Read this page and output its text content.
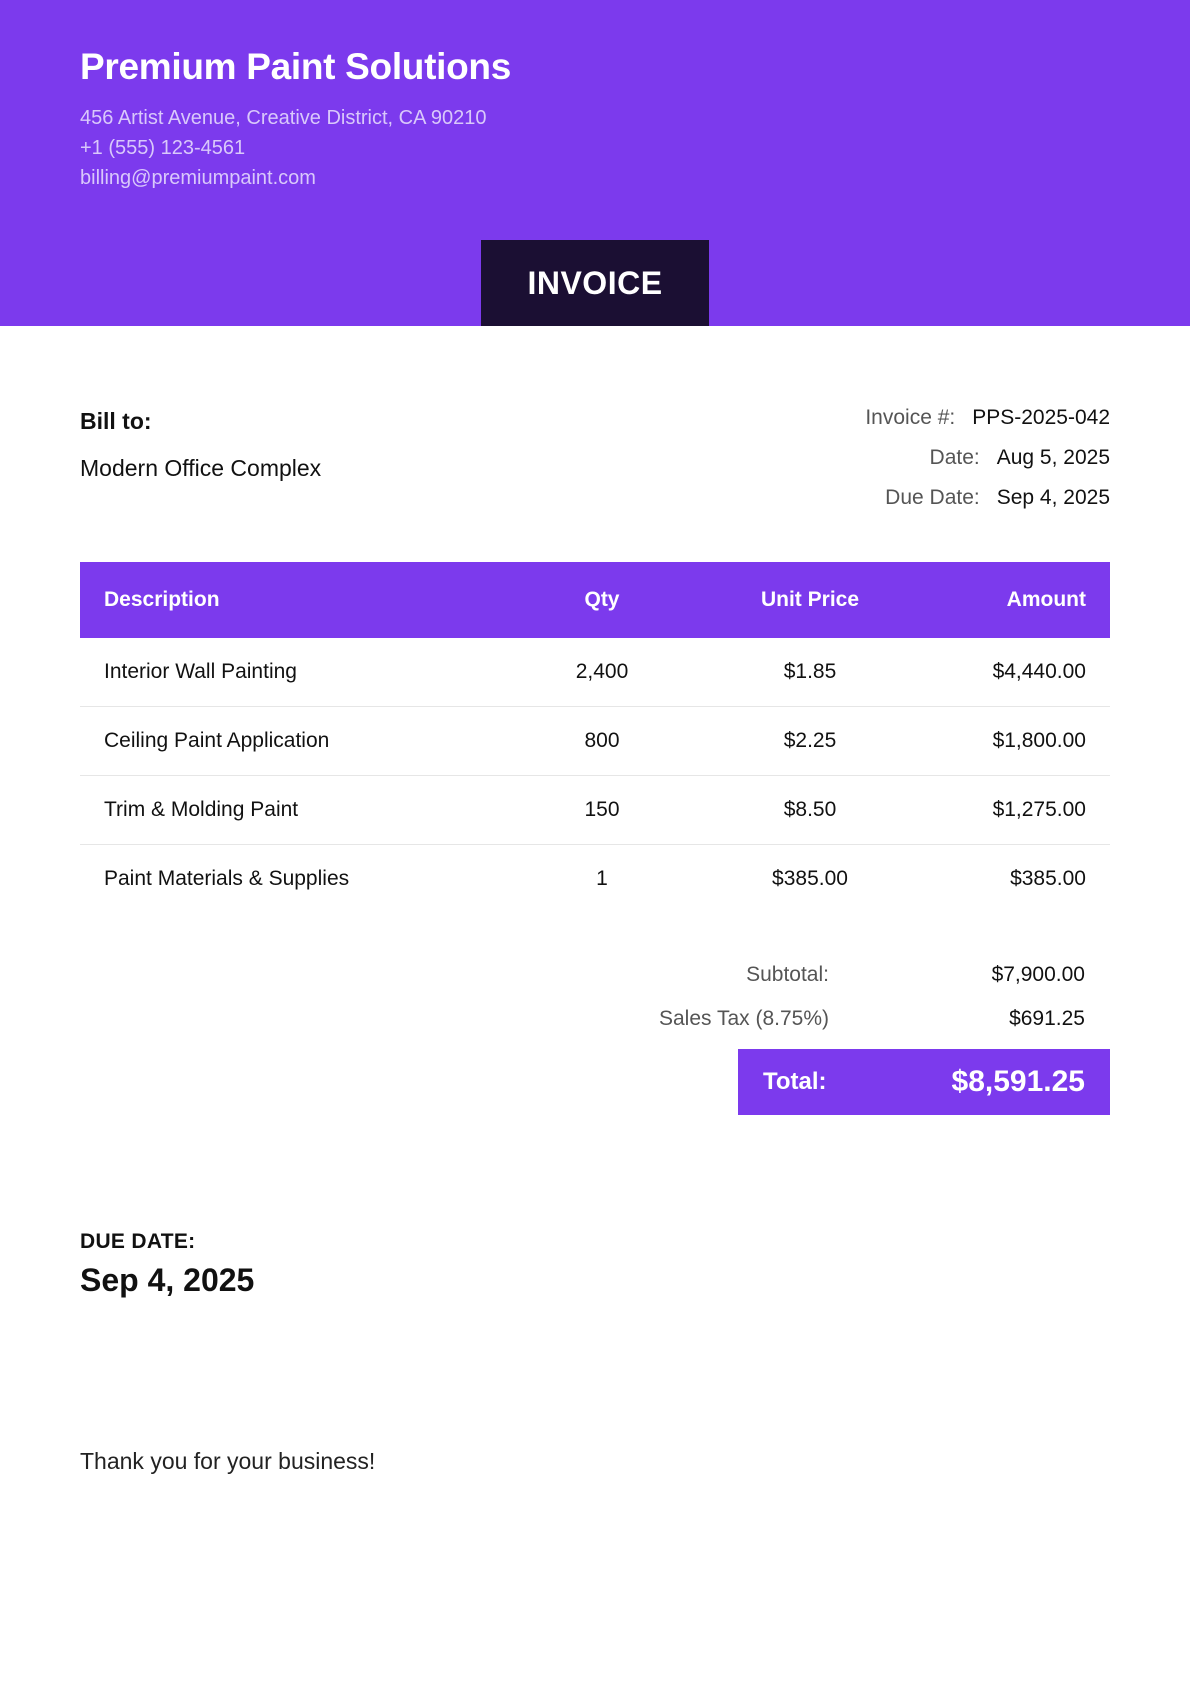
Premium Paint Solutions
456 Artist Avenue, Creative District, CA 90210
+1 (555) 123-4561
billing@premiumpaint.com
INVOICE
Bill to:
Modern Office Complex
Invoice #: PPS-2025-042
Date: Aug 5, 2025
Due Date: Sep 4, 2025
Description	Qty	Unit Price	Amount
Interior Wall Painting	2,400	$1.85	$4,440.00
Ceiling Paint Application	800	$2.25	$1,800.00
Trim & Molding Paint	150	$8.50	$1,275.00
Paint Materials & Supplies	1	$385.00	$385.00
Subtotal:	$7,900.00
Sales Tax (8.75%)	$691.25
Total:	$8,591.25
DUE DATE:
Sep 4, 2025
Thank you for your business!
